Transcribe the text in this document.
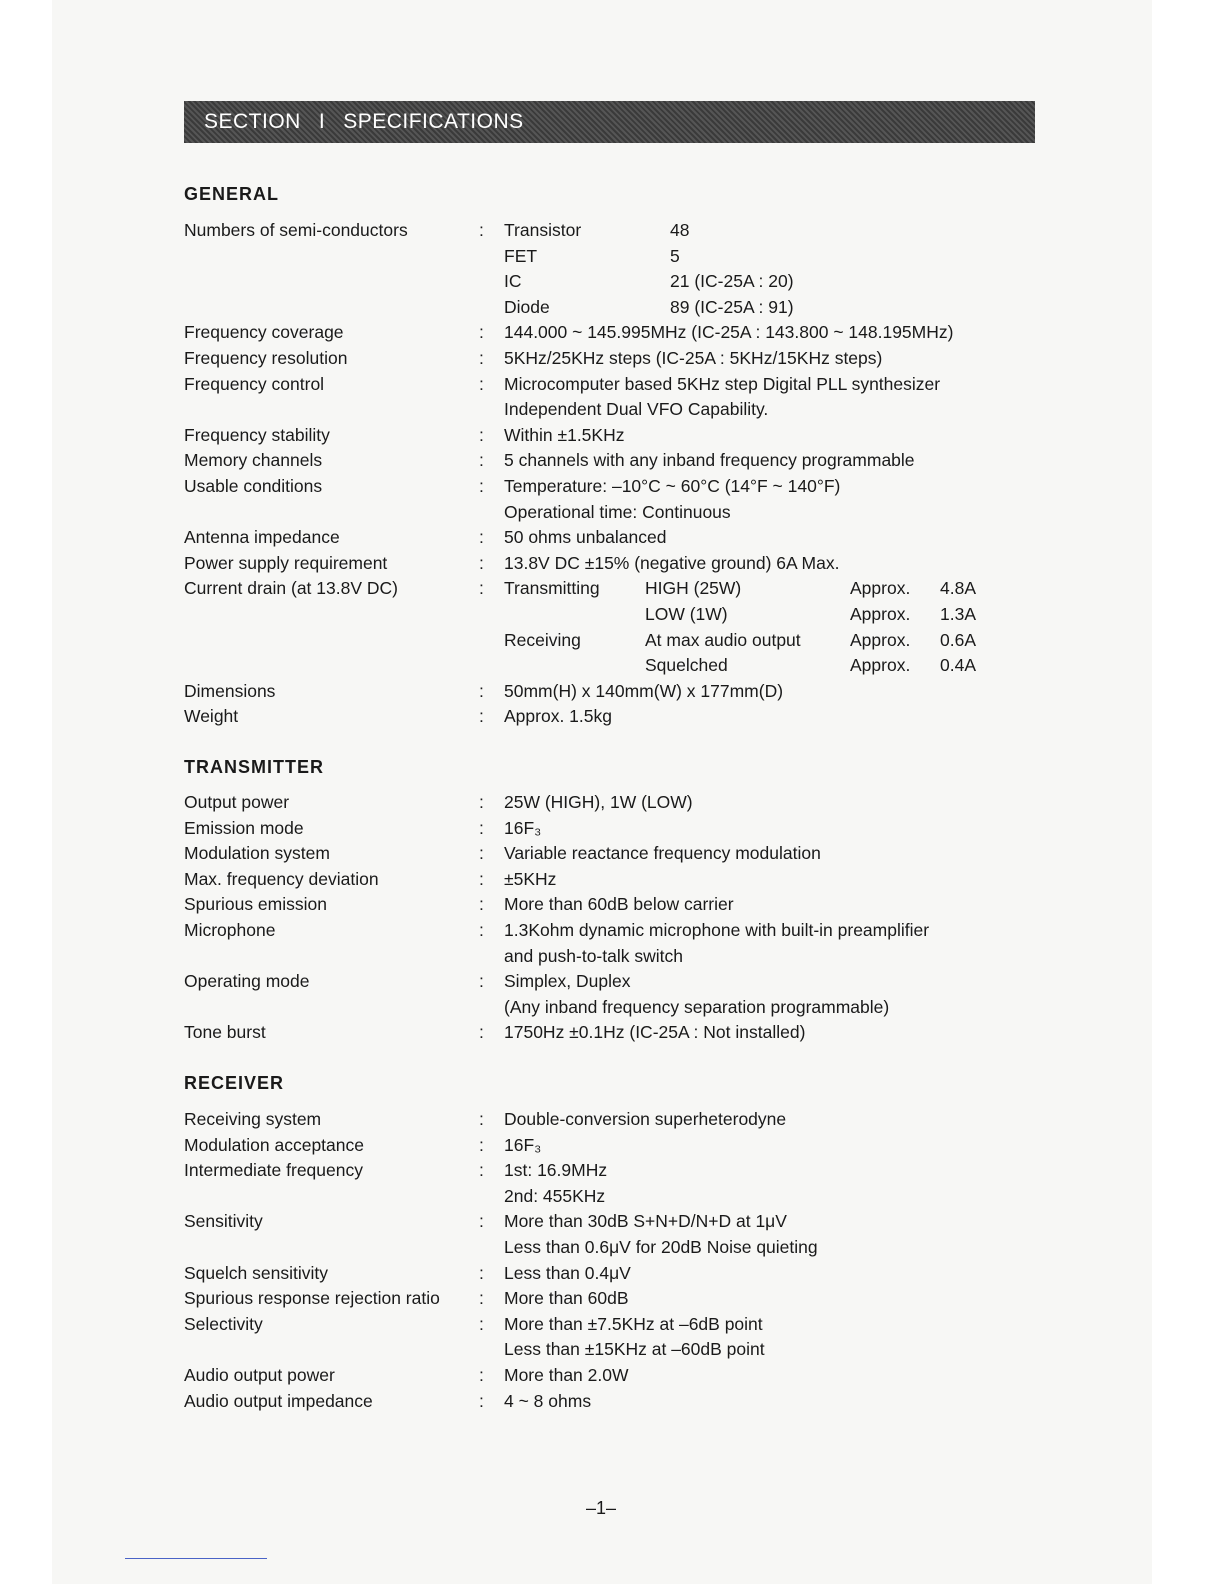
SECTION I SPECIFICATIONS
GENERAL
Numbers of semi-conductors	: Transistor	48
FET	5
IC	21 (IC-25A : 20)
Diode	89 (IC-25A : 91)
Frequency coverage	: 144.000 ~ 145.995MHz (IC-25A : 143.800 ~ 148.195MHz)
Frequency resolution	: 5KHz/25KHz steps (IC-25A : 5KHz/15KHz steps)
Frequency control	: Microcomputer based 5KHz step Digital PLL synthesizer
Independent Dual VFO Capability.
Frequency stability	: Within ±1.5KHz
Memory channels	: 5 channels with any inband frequency programmable
Usable conditions	: Temperature: –10°C ~ 60°C (14°F ~ 140°F)
Operational time: Continuous
Antenna impedance	: 50 ohms unbalanced
Power supply requirement	: 13.8V DC ±15% (negative ground) 6A Max.
Current drain (at 13.8V DC)	: Transmitting	HIGH (25W)	Approx. 4.8A
LOW (1W)	Approx. 1.3A
Receiving	At max audio output	Approx. 0.6A
Squelched	Approx. 0.4A
Dimensions	: 50mm(H) x 140mm(W) x 177mm(D)
Weight	: Approx. 1.5kg
TRANSMITTER
Output power	: 25W (HIGH), 1W (LOW)
Emission mode	: 16F₃
Modulation system	: Variable reactance frequency modulation
Max. frequency deviation	: ±5KHz
Spurious emission	: More than 60dB below carrier
Microphone	: 1.3Kohm dynamic microphone with built-in preamplifier
and push-to-talk switch
Operating mode	: Simplex, Duplex
(Any inband frequency separation programmable)
Tone burst	: 1750Hz ±0.1Hz (IC-25A : Not installed)
RECEIVER
Receiving system	: Double-conversion superheterodyne
Modulation acceptance	: 16F₃
Intermediate frequency	: 1st: 16.9MHz
2nd: 455KHz
Sensitivity	: More than 30dB S+N+D/N+D at 1μV
Less than 0.6μV for 20dB Noise quieting
Squelch sensitivity	: Less than 0.4μV
Spurious response rejection ratio : More than 60dB
Selectivity	: More than ±7.5KHz at –6dB point
Less than ±15KHz at –60dB point
Audio output power	: More than 2.0W
Audio output impedance	: 4 ~ 8 ohms
–1–
